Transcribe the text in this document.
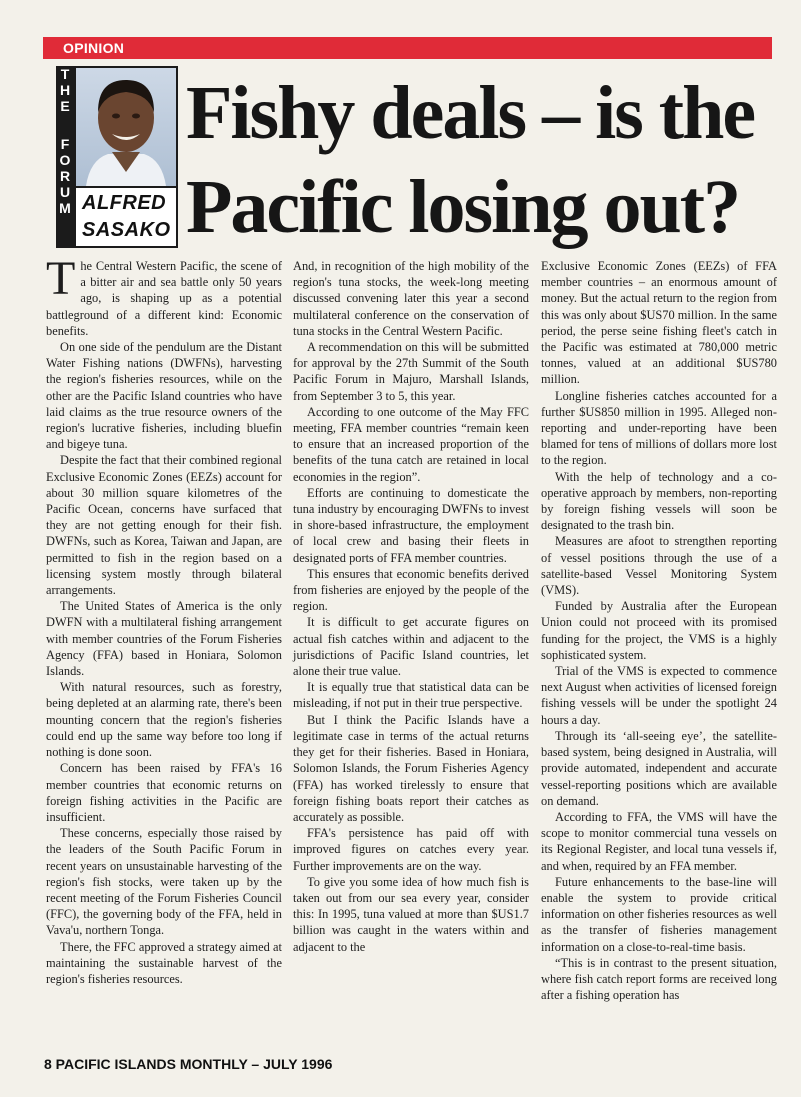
OPINION
T
H
E
F
O
R
U
M ALFRED
SASAKO
Fishy deals – is the
Pacific losing out?

The Central Western Pacific, the scene of a bitter air and sea battle only 50 years ago, is shaping up as a potential battleground of a different kind: Economic benefits.

On one side of the pendulum are the Distant Water Fishing nations (DWFNs), harvesting the region's fisheries resources, while on the other are the Pacific Island countries who have laid claims as the true resource owners of the region's lucrative fisheries, including bluefin and bigeye tuna.

Despite the fact that their combined regional Exclusive Economic Zones (EEZs) account for about 30 million square kilometres of the Pacific Ocean, concerns have surfaced that they are not getting enough for their fish. DWFNs, such as Korea, Taiwan and Japan, are permitted to fish in the region based on a licensing system mostly through bilateral arrangements.

The United States of America is the only DWFN with a multilateral fishing arrangement with member countries of the Forum Fisheries Agency (FFA) based in Honiara, Solomon Islands.

With natural resources, such as forestry, being depleted at an alarming rate, there's been mounting concern that the region's fisheries could end up the same way before too long if nothing is done soon.

Concern has been raised by FFA's 16 member countries that economic returns on foreign fishing activities in the Pacific are insufficient.

These concerns, especially those raised by the leaders of the South Pacific Forum in recent years on unsustainable harvesting of the region's fish stocks, were taken up by the recent meeting of the Forum Fisheries Council (FFC), the governing body of the FFA, held in Vava'u, northern Tonga.

There, the FFC approved a strategy aimed at maintaining the sustainable harvest of the region's fisheries resources.

And, in recognition of the high mobility of the region's tuna stocks, the week-long meeting discussed convening later this year a second multilateral conference on the conservation of tuna stocks in the Central Western Pacific.

A recommendation on this will be submitted for approval by the 27th Summit of the South Pacific Forum in Majuro, Marshall Islands, from September 3 to 5, this year.

According to one outcome of the May FFC meeting, FFA member countries “remain keen to ensure that an increased proportion of the benefits of the tuna catch are retained in local economies in the region”.

Efforts are continuing to domesticate the tuna industry by encouraging DWFNs to invest in shore-based infrastructure, the employment of local crew and basing their fleets in designated ports of FFA member countries.

This ensures that economic benefits derived from fisheries are enjoyed by the people of the region.

It is difficult to get accurate figures on actual fish catches within and adjacent to the jurisdictions of Pacific Island countries, let alone their true value.

It is equally true that statistical data can be misleading, if not put in their true perspective.

But I think the Pacific Islands have a legitimate case in terms of the actual returns they get for their fisheries. Based in Honiara, Solomon Islands, the Forum Fisheries Agency (FFA) has worked tirelessly to ensure that foreign fishing boats report their catches as accurately as possible.

FFA's persistence has paid off with improved figures on catches every year. Further improvements are on the way.

To give you some idea of how much fish is taken out from our sea every year, consider this: In 1995, tuna valued at more than $US1.7 billion was caught in the waters within and adjacent to the

Exclusive Economic Zones (EEZs) of FFA member countries – an enormous amount of money. But the actual return to the region from this was only about $US70 million. In the same period, the perse seine fishing fleet's catch in the Pacific was estimated at 780,000 metric tonnes, valued at an additional $US780 million.

Longline fisheries catches accounted for a further $US850 million in 1995. Alleged non-reporting and under-reporting have been blamed for tens of millions of dollars more lost to the region.

With the help of technology and a co-operative approach by members, non-reporting by foreign fishing vessels will soon be designated to the trash bin.

Measures are afoot to strengthen reporting of vessel positions through the use of a satellite-based Vessel Monitoring System (VMS).

Funded by Australia after the European Union could not proceed with its promised funding for the project, the VMS is a highly sophisticated system.

Trial of the VMS is expected to commence next August when activities of licensed foreign fishing vessels will be under the spotlight 24 hours a day.

Through its ‘all-seeing eye’, the satellite-based system, being designed in Australia, will provide automated, independent and accurate vessel-reporting positions which are available on demand.

According to FFA, the VMS will have the scope to monitor commercial tuna vessels on its Regional Register, and local tuna vessels if, and when, required by an FFA member.

Future enhancements to the base-line will enable the system to provide critical information on other fisheries resources as well as the transfer of fisheries management information on a close-to-real-time basis.

“This is in contrast to the present situation, where fish catch report forms are received long after a fishing operation has

8 PACIFIC ISLANDS MONTHLY – JULY 1996
